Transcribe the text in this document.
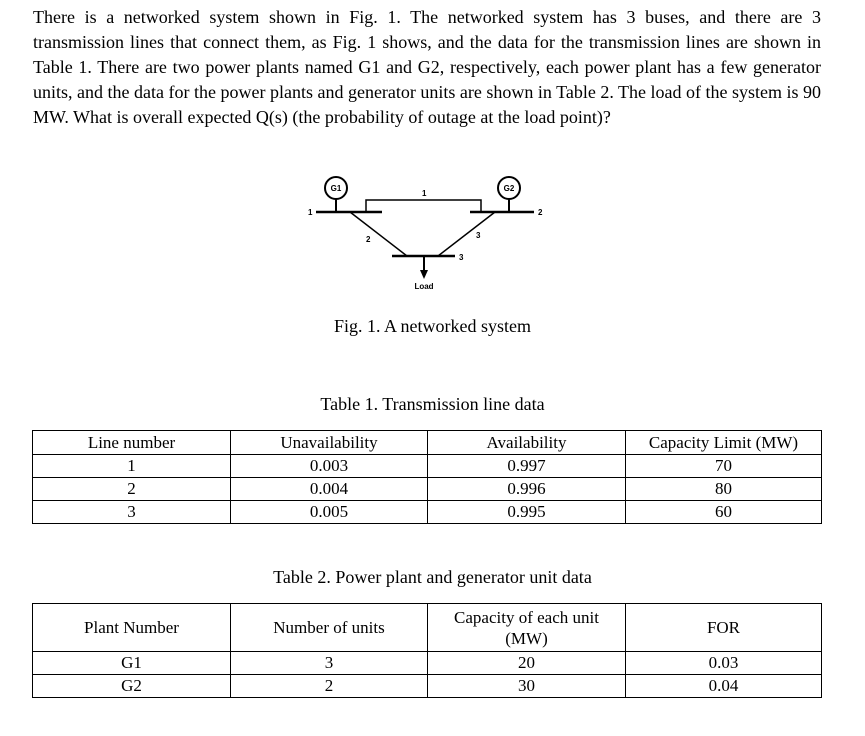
There is a networked system shown in Fig. 1. The networked system has 3 buses, and there are 3 transmission lines that connect them, as Fig. 1 shows, and the data for the transmission lines are shown in Table 1. There are two power plants named G1 and G2, respectively, each power plant has a few generator units, and the data for the power plants and generator units are shown in Table 2. The load of the system is 90 MW. What is overall expected Q(s) (the probability of outage at the load point)?
G1	G2
1	2
3
1
2	3
Load
Fig. 1. A networked system
Table 1. Transmission line data
Line number	Unavailability	Availability	Capacity Limit (MW)
1	0.003	0.997	70
2	0.004	0.996	80
3	0.005	0.995	60
Table 2. Power plant and generator unit data
Plant Number	Number of units	Capacity of each unit (MW)	FOR
G1	3	20	0.03
G2	2	30	0.04
